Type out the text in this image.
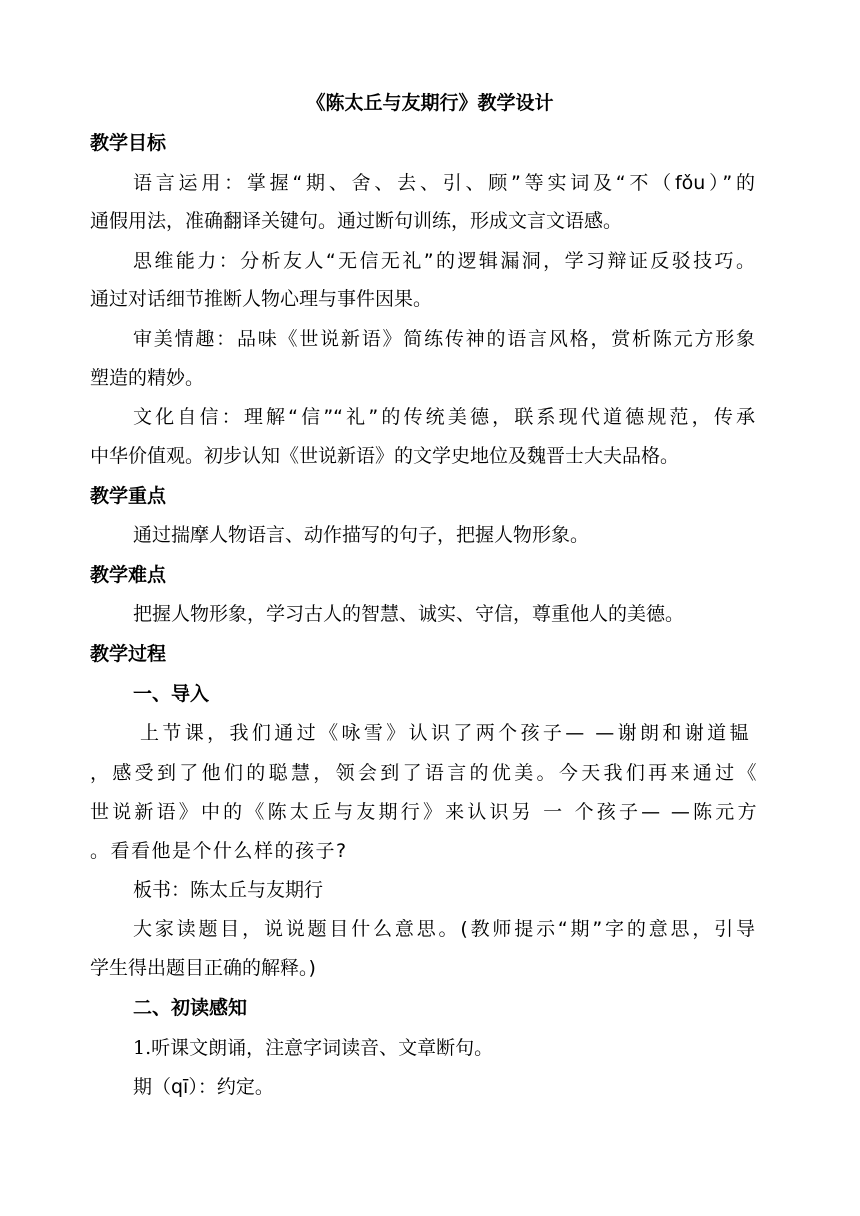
《陈太丘与友期行》教学设计
教学目标
语言运用：掌握“期、舍、去、引、顾”等实词及“不（fǒu）”的
通假用法，准确翻译关键句。通过断句训练，形成文言文语感。
思维能力：分析友人“无信无礼”的逻辑漏洞，学习辩证反驳技巧。
通过对话细节推断人物心理与事件因果。
审美情趣：品味《世说新语》简练传神的语言风格，赏析陈元方形象
塑造的精妙。
文化自信：理解“信”“礼”的传统美德，联系现代道德规范，传承
中华价值观。初步认知《世说新语》的文学史地位及魏晋士大夫品格。
教学重点
通过揣摩人物语言、动作描写的句子，把握人物形象。
教学难点
把握人物形象，学习古人的智慧、诚实、守信，尊重他人的美德。
教学过程
一、导入
上节课，我们通过《咏雪》认识了两个孩子— —谢朗和谢道韫
，感受到了他们的聪慧，领会到了语言的优美。今天我们再来通过《
世说新语》中的《陈太丘与友期行》来认识另 一 个孩子— —陈元方
。看看他是个什么样的孩子?
板书：陈太丘与友期行
大家读题目，说说题目什么意思。(教师提示“期”字的意思，引导
学生得出题目正确的解释。)
二、初读感知
1.听课文朗诵，注意字词读音、文章断句。
期（qī）：约定。
